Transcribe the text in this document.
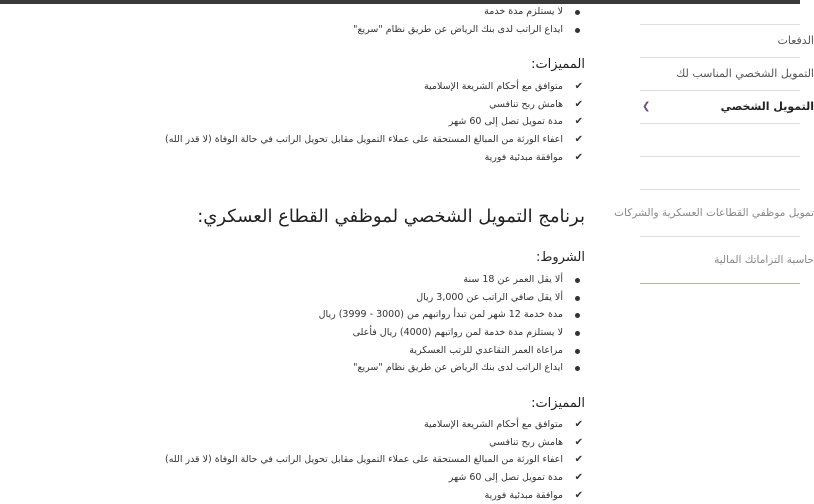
الدفعات
التمويل الشخصي المناسب لك
التمويل الشخصي
❯
تمويل موظفي القطاعات العسكرية والشركات
حاسبة التزاماتك المالية
لا يستلزم مدة خدمة
ايداع الراتب لدى بنك الرياض عن طريق نظام "سريع"
المميزات:
✔
متوافق مع أحكام الشريعة الإسلامية
✔
هامش ربح تنافسي
✔
مدة تمويل تصل إلى 60 شهر
✔
اعفاء الورثة من المبالغ المستحقة على عملاء التمويل مقابل تحويل الراتب في حالة الوفاة (لا قدر الله)
✔
موافقة مبدئية فورية
برنامج التمويل الشخصي لموظفي القطاع العسكري:
الشروط:
ألا يقل العمر عن 18 سنة
ألا يقل صافي الراتب عن 3,000 ريال
مدة خدمة 12 شهر لمن تبدأ رواتبهم من (3000 - 3999) ريال
لا يستلزم مدة خدمة لمن رواتبهم (4000) ريال فأعلى
مراعاة العمر التقاعدي للرتب العسكرية
ايداع الراتب لدى بنك الرياض عن طريق نظام "سريع"
المميزات:
✔
متوافق مع أحكام الشريعة الإسلامية
✔
هامش ربح تنافسي
✔
اعفاء الورثة من المبالغ المستحقة على عملاء التمويل مقابل تحويل الراتب في حالة الوفاة (لا قدر الله)
✔
مدة تمويل تصل إلى 60 شهر
✔
موافقة مبدئية فورية
